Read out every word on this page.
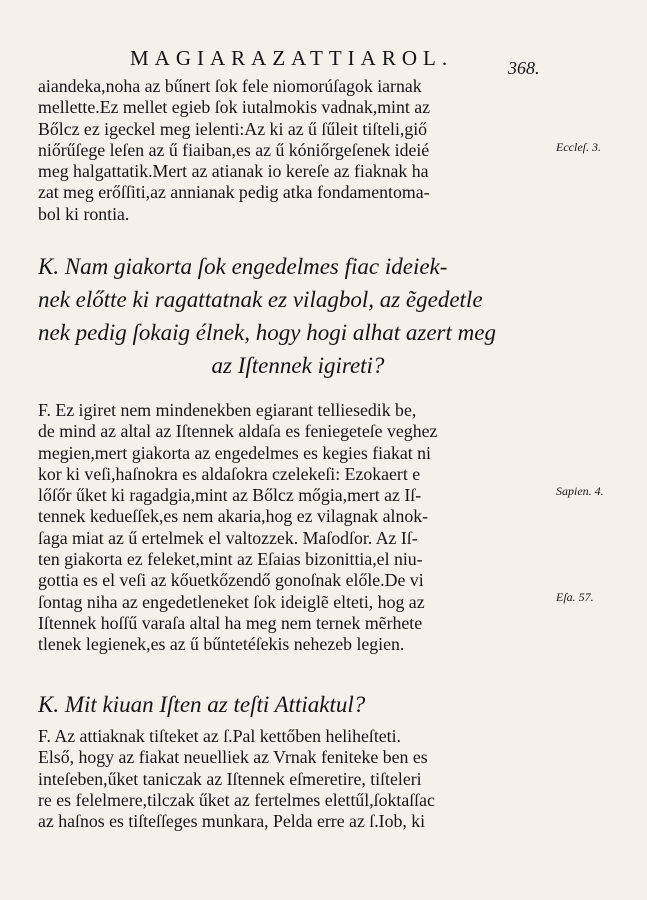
MAGIARAZATTIAROL.	368.
aiandeka,noha az bűnert ſok fele niomorúſagok iarnak
mellette.Ez mellet egieb ſok iutalmokis vadnak,mint az
Bőlcz ez igeckel meg ielenti:Az ki az ű ſűleit tiſteli,giő
niőrűſege leſen az ű fiaiban,es az ű kóniőrgeſenek ideié
meg halgattatik.Mert az atianak io kereſe az fiaknak ha
zat meg erőſſiti,az annianak pedig atka fondamentoma-
bol ki rontia.
K. Nam giakorta ſok engedelmes fiac ideiek-
nek előtte ki ragattatnak ez vilagbol, az ẽgedetle
nek pedig ſokaig élnek, hogy hogi alhat azert meg
az Iſtennek igireti?
F. Ez igiret nem mindenekben egiarant telliesedik be,
de mind az altal az Iſtennek aldaſa es feniegeteſe veghez
megien,mert giakorta az engedelmes es kegies fiakat ni
kor ki veſi,haſnokra es aldaſokra czelekeſi: Ezokaert e
lőſőr űket ki ragadgia,mint az Bőlcz mőgia,mert az Iſ-
tennek kedueſſek,es nem akaria,hog ez vilagnak alnok-
ſaga miat az ű ertelmek el valtozzek. Maſodſor. Az Iſ-
ten giakorta ez feleket,mint az Eſaias bizonittia,el niu-
gottia es el veſi az kőuetkőzendő gonoſnak előle.De vi
ſontag niha az engedetleneket ſok ideiglẽ elteti, hog az
Iſtennek hoſſű varaſa altal ha meg nem ternek mẽrhete
tlenek legienek,es az ű bűntetéſekis nehezeb legien.
K. Mit kiuan Iſten az teſti Attiaktul?
F. Az attiaknak tiſteket az ſ.Pal kettőben heliheſteti.
Első, hogy az fiakat neuelliek az Vrnak feniteke ben es
inteſeben,űket taniczak az Iſtennek eſmeretire, tiſteleri
re es felelmere,tilczak űket az fertelmes elettűl,ſoktaſſac
az haſnos es tiſteſſeges munkara, Pelda erre az ſ.Iob, ki
Eccleſ. 3.
Sapien. 4.
Eſa. 57.
